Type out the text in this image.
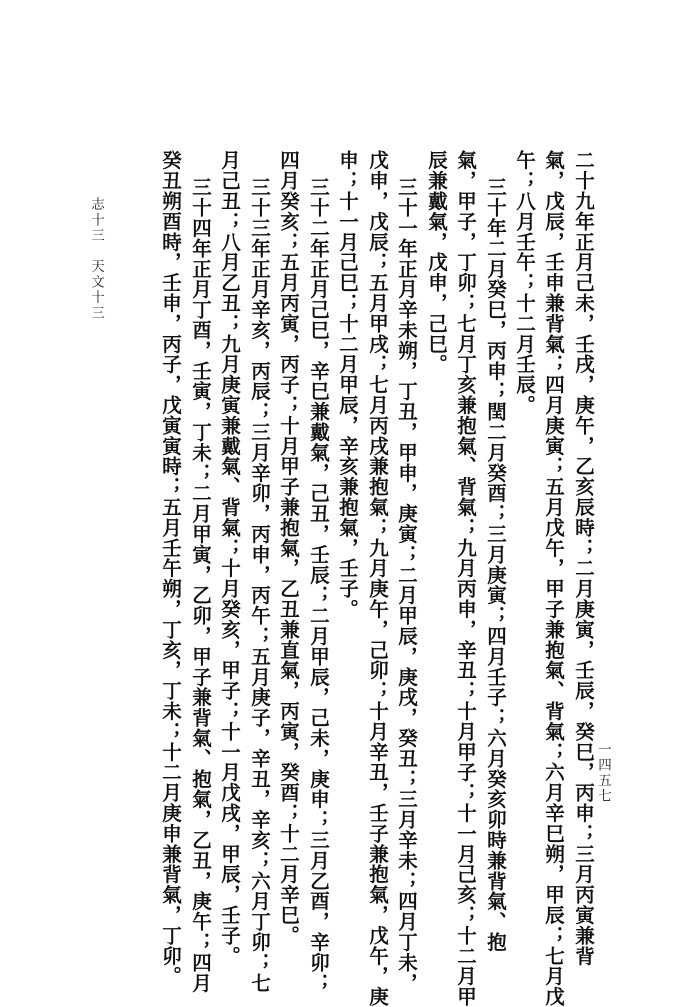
二十九年正月己未，壬戌，庚午，乙亥辰時；二月庚寅，壬辰，癸巳，丙申；三月丙寅兼背
氣，戊辰，壬申兼背氣；四月庚寅；五月戊午，甲子兼抱氣、背氣；六月辛巳朔，甲辰；七月戊
午；八月壬午；十二月壬辰。
三十年二月癸巳，丙申；閏二月癸酉；三月庚寅；四月壬子；六月癸亥卯時兼背氣、抱
氣，甲子，丁卯；七月丁亥兼抱氣、背氣；九月丙申，辛丑；十月甲子；十一月己亥；十二月甲
辰兼戴氣，戊申，己巳。
三十一年正月辛未朔，丁丑，甲申，庚寅；二月甲辰，庚戌，癸丑；三月辛未；四月丁未，
戊申，戊辰；五月甲戌；七月丙戌兼抱氣；九月庚午，己卯；十月辛丑，壬子兼抱氣，戊午，庚
申；十一月己巳；十二月甲辰，辛亥兼抱氣，壬子。
三十二年正月己巳，辛巳兼戴氣，己丑，壬辰；二月甲辰，己未，庚申；三月乙酉，辛卯；
四月癸亥；五月丙寅，丙子；十月甲子兼抱氣，乙丑兼直氣，丙寅，癸酉；十二月辛巳。
三十三年正月辛亥，丙辰；三月辛卯，丙申，丙午；五月庚子，辛丑，辛亥；六月丁卯；七
月己丑；八月乙丑；九月庚寅兼戴氣、背氣；十月癸亥，甲子；十一月戊戌，甲辰，壬子。
三十四年正月丁酉，壬寅，丁未；二月甲寅，乙卯，甲子兼背氣、抱氣，乙丑，庚午；四月
癸丑朔酉時，壬申，丙子，戊寅寅時；五月壬午朔，丁亥，丁未；十二月庚申兼背氣，丁卯。
志十三　天文十三
一四五七
